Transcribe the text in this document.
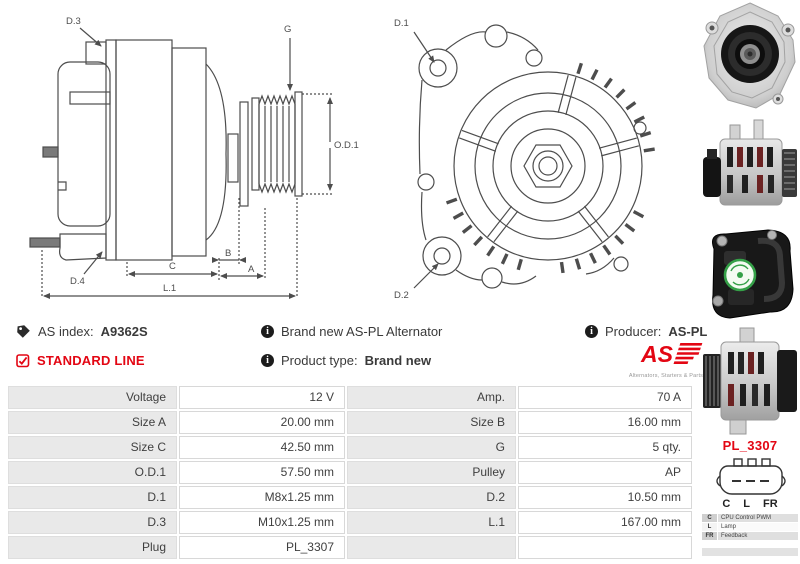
D.3
G
O.D.1
D.4
C
B
A
L.1
D.1
D.2
AS index: A9362S	i Brand new AS-PL Alternator	i Producer: AS-PL
STANDARD LINE	i Product type: Brand new	AS
Alternators, Starters & Parts
Voltage	12 V	Amp.	70 A
Size A	20.00 mm	Size B	16.00 mm
Size C	42.50 mm	G	5 qty.
O.D.1	57.50 mm	Pulley	AP
D.1	M8x1.25 mm	D.2	10.50 mm
D.3	M10x1.25 mm	L.1	167.00 mm
Plug	PL_3307
PL_3307
C L FR
C	CPU Control PWM
L	Lamp
FR	Feedback
